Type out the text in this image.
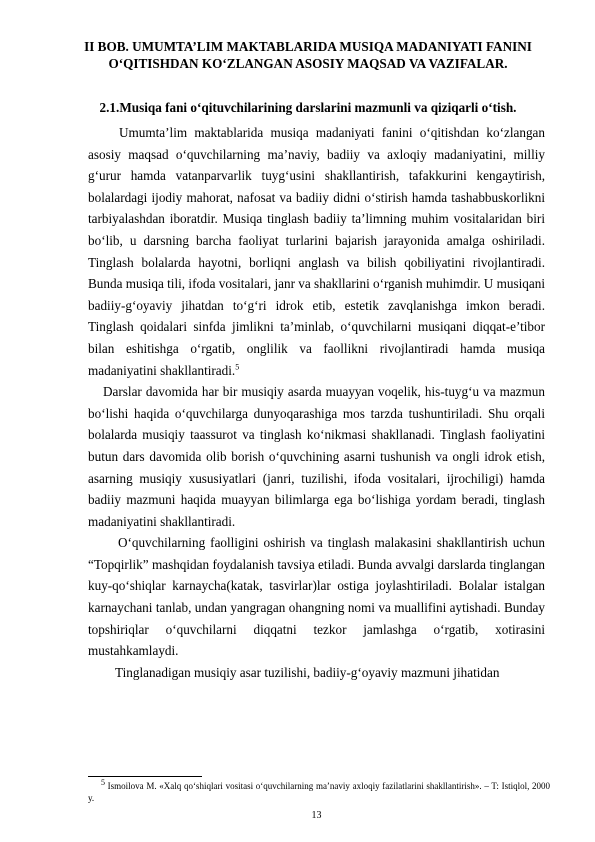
II BOB. UMUMTA’LIM MAKTABLARIDA MUSIQA MADANIYATI FANINI O‘QITISHDAN KO‘ZLANGAN ASOSIY MAQSAD VA VAZIFALAR.
2.1.Musiqa fani o‘qituvchilarining darslarini mazmunli va qiziqarli o‘tish.

Umumta’lim maktablarida musiqa madaniyati fanini o‘qitishdan ko‘zlangan asosiy maqsad o‘quvchilarning ma’naviy, badiiy va axloqiy madaniyatini, milliy g‘urur hamda vatanparvarlik tuyg‘usini shakllantirish, tafakkurini kengaytirish, bolalardagi ijodiy mahorat, nafosat va badiiy didni o‘stirish hamda tashabbuskorlikni tarbiyalashdan iboratdir. Musiqa tinglash badiiy ta’limning muhim vositalaridan biri bo‘lib, u darsning barcha faoliyat turlarini bajarish jarayonida amalga oshiriladi. Tinglash bolalarda hayotni, borliqni anglash va bilish qobiliyatini rivojlantiradi. Bunda musiqa tili, ifoda vositalari, janr va shakllarini o‘rganish muhimdir. U musiqani badiiy-g‘oyaviy jihatdan to‘g‘ri idrok etib, estetik zavqlanishga imkon beradi. Tinglash qoidalari sinfda jimlikni ta’minlab, o‘quvchilarni musiqani diqqat-e’tibor bilan eshitishga o‘rgatib, onglilik va faollikni rivojlantiradi hamda musiqa madaniyatini shakllantiradi.$^5$

Darslar davomida har bir musiqiy asarda muayyan voqelik, his-tuyg‘u va mazmun bo‘lishi haqida o‘quvchilarga dunyoqarashiga mos tarzda tushuntiriladi. Shu orqali bolalarda musiqiy taassurot va tinglash ko‘nikmasi shakllanadi. Tinglash faoliyatini butun dars davomida olib borish o‘quvchining asarni tushunish va ongli idrok etish, asarning musiqiy xususiyatlari (janri, tuzilishi, ifoda vositalari, ijrochiligi) hamda badiiy mazmuni haqida muayyan bilimlarga ega bo‘lishiga yordam beradi, tinglash madaniyatini shakllantiradi.

O‘quvchilarning faolligini oshirish va tinglash malakasini shakllantirish uchun “Topqirlik” mashqidan foydalanish tavsiya etiladi. Bunda avvalgi darslarda tinglangan kuy-qo‘shiqlar karnaycha(katak, tasvirlar)lar ostiga joylashtiriladi. Bolalar istalgan karnaychani tanlab, undan yangragan ohangning nomi va muallifini aytishadi. Bunday topshiriqlar o‘quvchilarni diqqatni tezkor jamlashga o‘rgatib, xotirasini mustahkamlaydi.

Tinglanadigan musiqiy asar tuzilishi, badiiy-g‘oyaviy mazmuni jihatidan

$^5$ Ismoilova M. «Xalq qo‘shiqlari vositasi o‘quvchilarning ma’naviy axloqiy fazilatlarini shakllantirish». – T: Istiqlol, 2000 y.
13
